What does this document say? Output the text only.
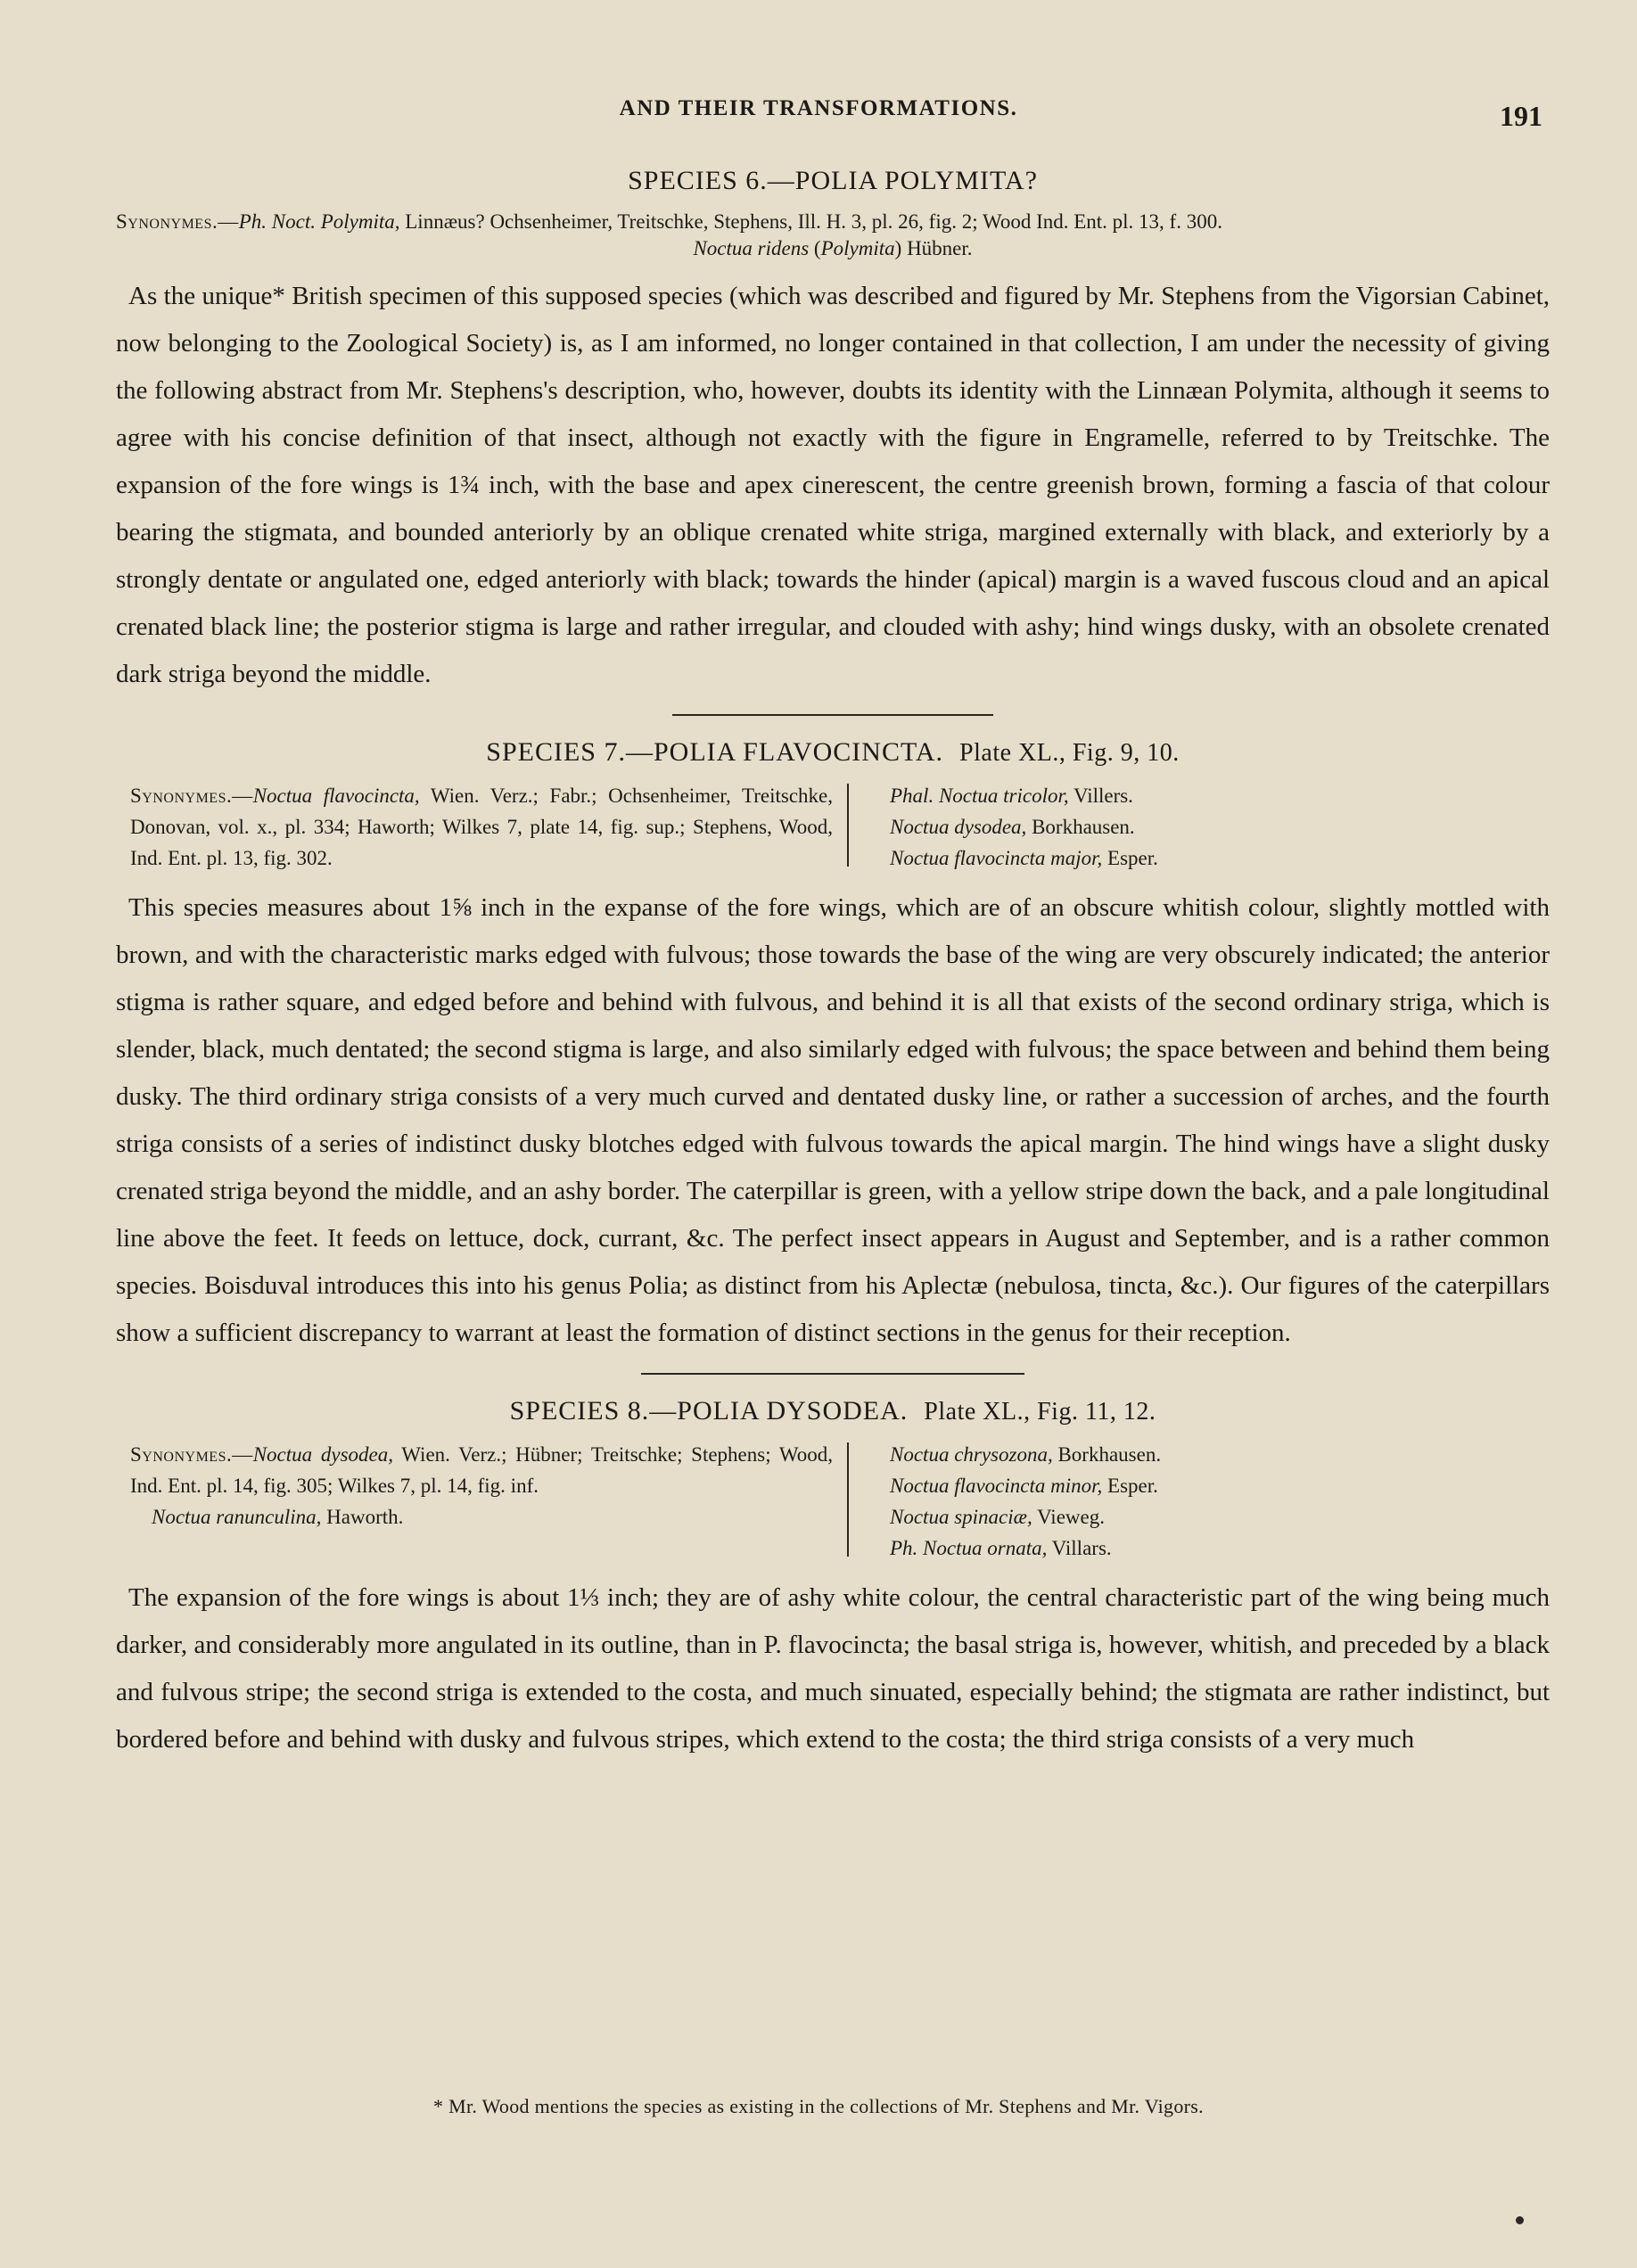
AND THEIR TRANSFORMATIONS.	191
SPECIES 6.—POLIA POLYMITA?
Synonymes.—Ph. Noct. Polymita, Linnæus? Ochsenheimer, Treitschke, Stephens, Ill. H. 3, pl. 26, fig. 2; Wood Ind. Ent. pl. 13, f. 300.
Noctua ridens (Polymita) Hübner.

As the unique* British specimen of this supposed species (which was described and figured by Mr. Stephens from the Vigorsian Cabinet, now belonging to the Zoological Society) is, as I am informed, no longer contained in that collection, I am under the necessity of giving the following abstract from Mr. Stephens's description, who, however, doubts its identity with the Linnæan Polymita, although it seems to agree with his concise definition of that insect, although not exactly with the figure in Engramelle, referred to by Treitschke. The expansion of the fore wings is 1¾ inch, with the base and apex cinerescent, the centre greenish brown, forming a fascia of that colour bearing the stigmata, and bounded anteriorly by an oblique crenated white striga, margined externally with black, and exteriorly by a strongly dentate or angulated one, edged anteriorly with black; towards the hinder (apical) margin is a waved fuscous cloud and an apical crenated black line; the posterior stigma is large and rather irregular, and clouded with ashy; hind wings dusky, with an obsolete crenated dark striga beyond the middle.

SPECIES 7.—POLIA FLAVOCINCTA. Plate XL., Fig. 9, 10.
Synonymes.—Noctua flavocincta, Wien. Verz.; Fabr.; Ochsenheimer, Treitschke, Donovan, vol. x., pl. 334; Haworth; Wilkes 7, plate 14, fig. sup.; Stephens, Wood, Ind. Ent. pl. 13, fig. 302.
Phal. Noctua tricolor, Villers.
Noctua dysodea, Borkhausen.
Noctua flavocincta major, Esper.

This species measures about 1⅝ inch in the expanse of the fore wings, which are of an obscure whitish colour, slightly mottled with brown, and with the characteristic marks edged with fulvous; those towards the base of the wing are very obscurely indicated; the anterior stigma is rather square, and edged before and behind with fulvous, and behind it is all that exists of the second ordinary striga, which is slender, black, much dentated; the second stigma is large, and also similarly edged with fulvous; the space between and behind them being dusky. The third ordinary striga consists of a very much curved and dentated dusky line, or rather a succession of arches, and the fourth striga consists of a series of indistinct dusky blotches edged with fulvous towards the apical margin. The hind wings have a slight dusky crenated striga beyond the middle, and an ashy border. The caterpillar is green, with a yellow stripe down the back, and a pale longitudinal line above the feet. It feeds on lettuce, dock, currant, &c. The perfect insect appears in August and September, and is a rather common species. Boisduval introduces this into his genus Polia; as distinct from his Aplectæ (nebulosa, tincta, &c.). Our figures of the caterpillars show a sufficient discrepancy to warrant at least the formation of distinct sections in the genus for their reception.

SPECIES 8.—POLIA DYSODEA. Plate XL., Fig. 11, 12.
Synonymes.—Noctua dysodea, Wien. Verz.; Hübner; Treitschke; Stephens; Wood, Ind. Ent. pl. 14, fig. 305; Wilkes 7, pl. 14, fig. inf.
Noctua ranunculina, Haworth.
Noctua chrysozona, Borkhausen.
Noctua flavocincta minor, Esper.
Noctua spinaciæ, Vieweg.
Ph. Noctua ornata, Villars.

The expansion of the fore wings is about 1⅓ inch; they are of ashy white colour, the central characteristic part of the wing being much darker, and considerably more angulated in its outline, than in P. flavocincta; the basal striga is, however, whitish, and preceded by a black and fulvous stripe; the second striga is extended to the costa, and much sinuated, especially behind; the stigmata are rather indistinct, but bordered before and behind with dusky and fulvous stripes, which extend to the costa; the third striga consists of a very much

* Mr. Wood mentions the species as existing in the collections of Mr. Stephens and Mr. Vigors.
